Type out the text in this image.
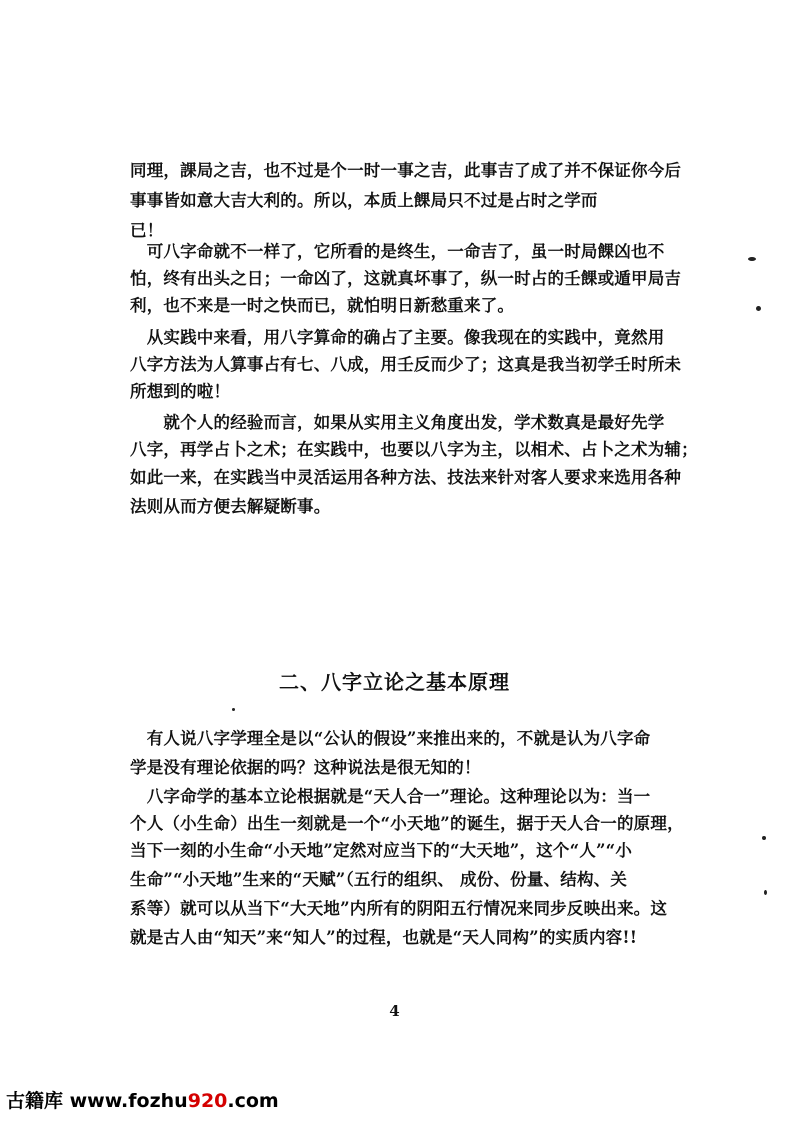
同理，課局之吉，也不过是个一时一事之吉，此事吉了成了并不保证你今后
事事皆如意大吉大利的。所以，本质上餜局只不过是占时之学而
已！
　可八字命就不一样了，它所看的是终生，一命吉了，虽一时局餜凶也不
怕，终有出头之日；一命凶了，这就真坏事了，纵一时占的壬餜或遁甲局吉
利，也不来是一时之快而已，就怕明日新愁重来了。
　从实践中来看，用八字算命的确占了主要。像我现在的实践中，竟然用
八字方法为人算事占有七、八成，用壬反而少了；这真是我当初学壬时所未
所想到的啦！
　　就个人的经验而言，如果从实用主义角度出发，学术数真是最好先学
八字，再学占卜之术；在实践中，也要以八字为主，以相术、占卜之术为辅；
如此一来，在实践当中灵活运用各种方法、技法来针对客人要求来选用各种
法则从而方便去解疑断事。
二、八字立论之基本原理
　有人说八字学理全是以“公认的假设”来推出来的，不就是认为八字命
学是没有理论依据的吗？这种说法是很无知的！
　八字命学的基本立论根据就是“天人合一”理论。这种理论以为：当一
个人（小生命）出生一刻就是一个“小天地”的诞生，据于天人合一的原理，
当下一刻的小生命“小天地”定然对应当下的“大天地”，这个“人”“小
生命”“小天地”生来的“天赋”（五行的组织、 成份、份量、结构、关
系等）就可以从当下“大天地”内所有的阴阳五行情况来同步反映出来。这
就是古人由“知天”来“知人”的过程，也就是“天人同构”的实质内容!!
4
古籍库 www.fozhu920.com
